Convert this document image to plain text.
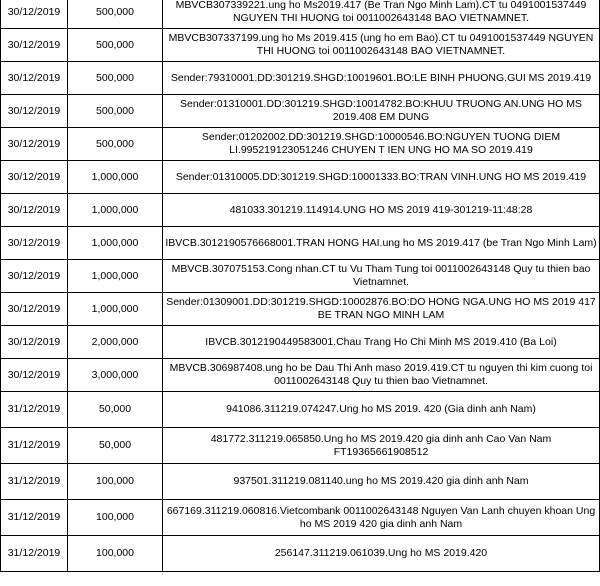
30/12/2019	500,000	MBVCB307339221.ung ho Ms2019.417 (Be Tran Ngo Minh Lam).CT tu 0491001537449 NGUYEN THI HUONG toi 0011002643148 BAO VIETNAMNET.
30/12/2019	500,000	MBVCB307337199.ung ho Ms 2019.415 (ung ho em Bao).CT tu 0491001537449 NGUYEN THI HUONG toi 0011002643148 BAO VIETNAMNET.
30/12/2019	500,000	Sender:79310001.DD:301219.SHGD:10019601.BO:LE BINH PHUONG.GUI MS 2019.419
30/12/2019	500,000	Sender:01310001.DD:301219.SHGD:10014782.BO:KHUU TRUONG AN.UNG HO MS 2019.408 EM DUNG
30/12/2019	500,000	Sender:01202002.DD:301219.SHGD:10000546.BO:NGUYEN TUONG DIEM LI.995219123051246 CHUYEN T IEN UNG HO MA SO 2019.419
30/12/2019	1,000,000	Sender:01310005.DD:301219.SHGD:10001333.BO:TRAN VINH.UNG HO MS 2019.419
30/12/2019	1,000,000	481033.301219.114914.UNG HO MS 2019 419-301219-11:48:28
30/12/2019	1,000,000	IBVCB.3012190576668001.TRAN HONG HAI.ung ho MS 2019.417 (be Tran Ngo Minh Lam)
30/12/2019	1,000,000	MBVCB.307075153.Cong nhan.CT tu Vu Tham Tung toi 0011002643148 Quy tu thien bao Vietnamnet.
30/12/2019	1,000,000	Sender:01309001.DD:301219.SHGD:10002876.BO:DO HONG NGA.UNG HO MS 2019 417 BE TRAN NGO MINH LAM
30/12/2019	2,000,000	IBVCB.3012190449583001.Chau Trang Ho Chi Minh MS 2019.410 (Ba Loi)
30/12/2019	3,000,000	MBVCB.306987408.ung ho be Dau Thi Anh maso 2019.419.CT tu nguyen thi kim cuong toi 0011002643148 Quy tu thien bao Vietnamnet.
31/12/2019	50,000	941086.311219.074247.Ung ho MS 2019. 420 (Gia dinh anh Nam)
31/12/2019	50,000	481772.311219.065850.Ung ho MS 2019.420 gia dinh anh Cao Van Nam FT19365661908512
31/12/2019	100,000	937501.311219.081140.ung ho MS 2019.420 gia dinh anh Nam
31/12/2019	100,000	667169.311219.060816.Vietcombank 0011002643148 Nguyen Van Lanh chuyen khoan Ung ho MS 2019 420 gia dinh anh Nam
31/12/2019	100,000	256147.311219.061039.Ung ho MS 2019.420
